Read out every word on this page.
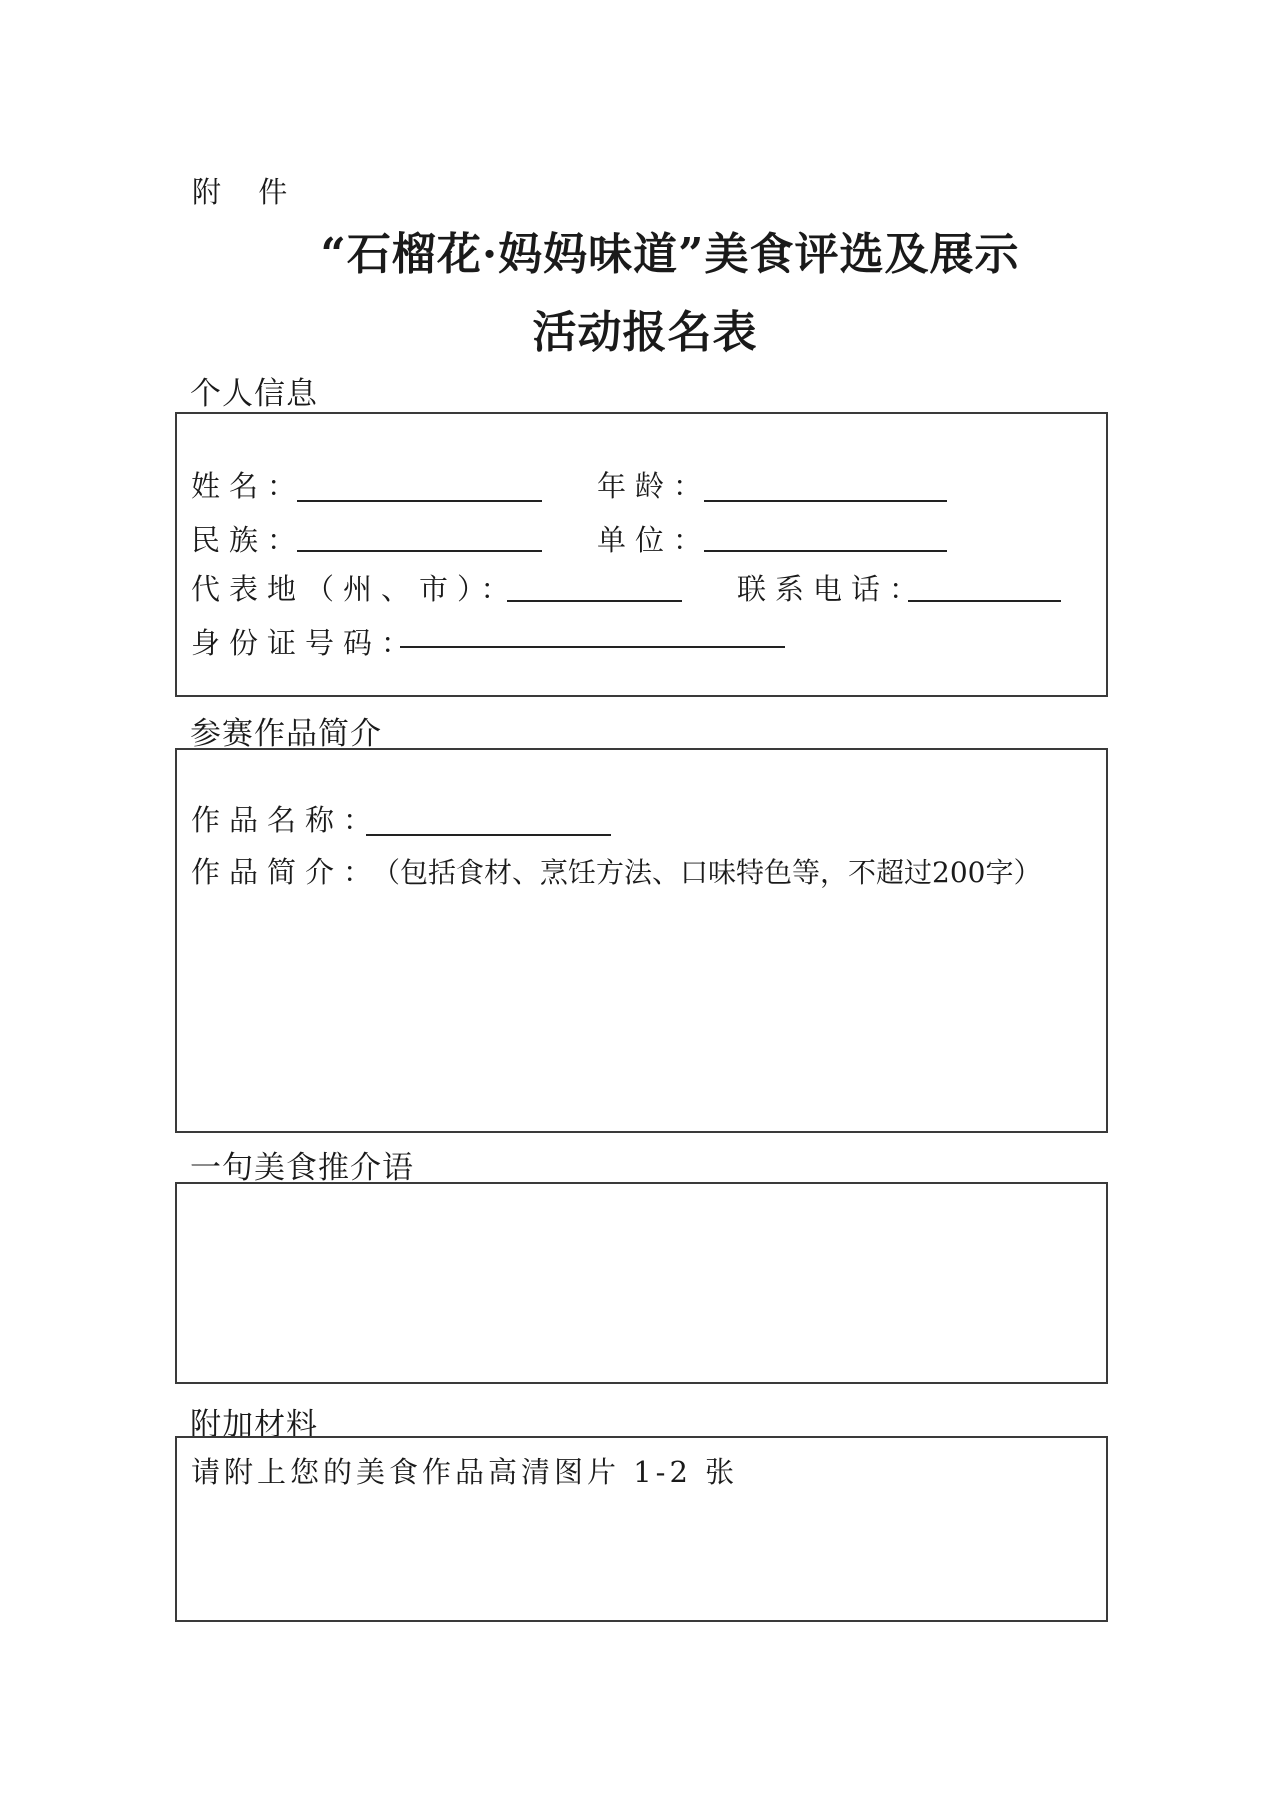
附 件
“石榴花·妈妈味道”美食评选及展示
活动报名表
个人信息
姓名：	年龄：
民族：	单位：
代表地（州、市）：	联系电话：
身份证号码：
参赛作品简介
作品名称：
作品简介：
（包括食材、烹饪方法、口味特色等，不超过200字）
一句美食推介语
附加材料
请附上您的美食作品高清图片 1-2 张
